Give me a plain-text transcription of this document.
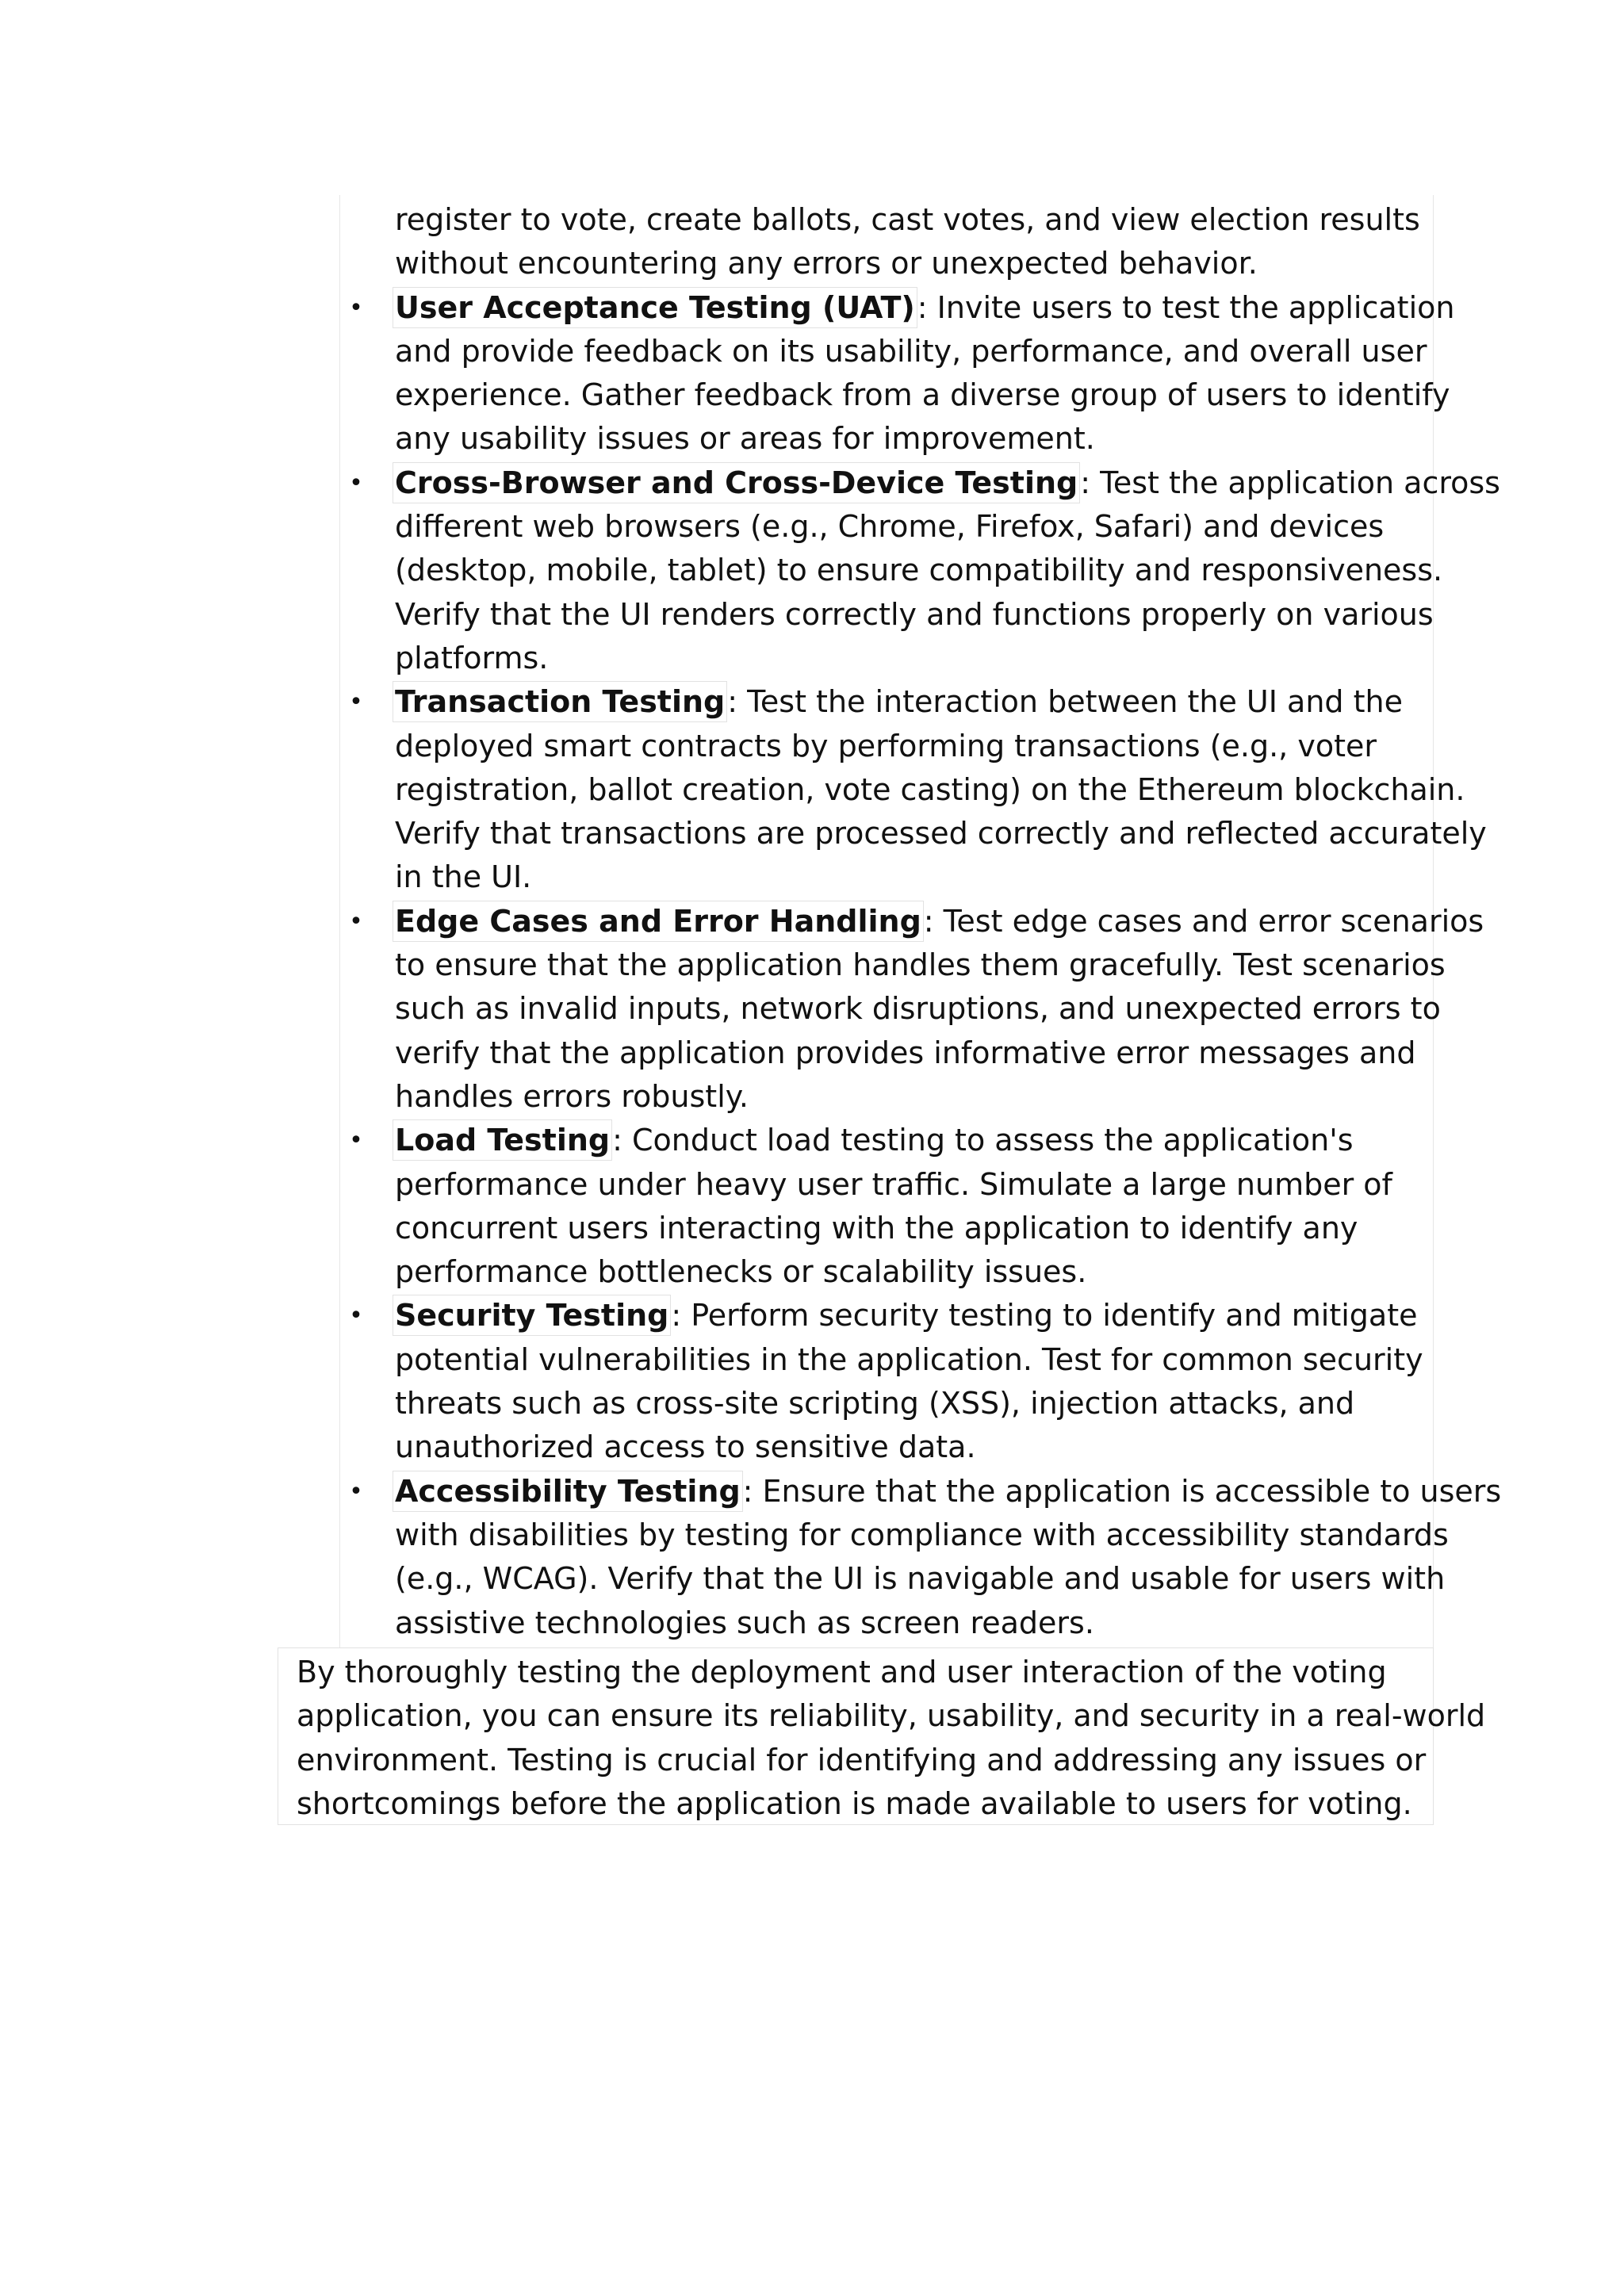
register to vote, create ballots, cast votes, and view election results

without encountering any errors or unexpected behavior.

• User Acceptance Testing (UAT): Invite users to test the application

and provide feedback on its usability, performance, and overall user

experience. Gather feedback from a diverse group of users to identify

any usability issues or areas for improvement.

• Cross-Browser and Cross-Device Testing: Test the application across

different web browsers (e.g., Chrome, Firefox, Safari) and devices

(desktop, mobile, tablet) to ensure compatibility and responsiveness.

Verify that the UI renders correctly and functions properly on various

platforms.

• Transaction Testing: Test the interaction between the UI and the

deployed smart contracts by performing transactions (e.g., voter

registration, ballot creation, vote casting) on the Ethereum blockchain.

Verify that transactions are processed correctly and reflected accurately

in the UI.

• Edge Cases and Error Handling: Test edge cases and error scenarios

to ensure that the application handles them gracefully. Test scenarios

such as invalid inputs, network disruptions, and unexpected errors to

verify that the application provides informative error messages and

handles errors robustly.

• Load Testing: Conduct load testing to assess the application's

performance under heavy user traffic. Simulate a large number of

concurrent users interacting with the application to identify any

performance bottlenecks or scalability issues.

• Security Testing: Perform security testing to identify and mitigate

potential vulnerabilities in the application. Test for common security

threats such as cross-site scripting (XSS), injection attacks, and

unauthorized access to sensitive data.

• Accessibility Testing: Ensure that the application is accessible to users

with disabilities by testing for compliance with accessibility standards

(e.g., WCAG). Verify that the UI is navigable and usable for users with

assistive technologies such as screen readers.

By thoroughly testing the deployment and user interaction of the voting

application, you can ensure its reliability, usability, and security in a real-world

environment. Testing is crucial for identifying and addressing any issues or

shortcomings before the application is made available to users for voting.
